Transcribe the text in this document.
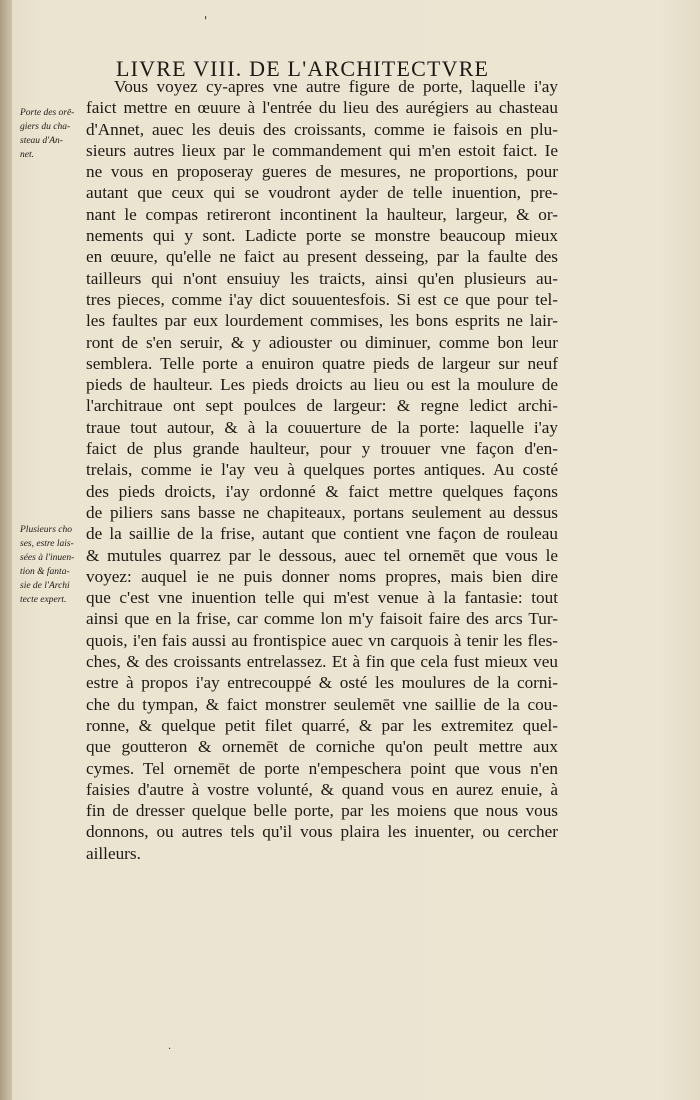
'
LIVRE VIII. DE L'ARCHITECTVRE
Porte des orē-
giers du cha-
steau d'An-
net.
Plusieurs cho
ses, estre lais-
sées à l'inuen-
tion & fanta-
sie de l'Archi
tecte expert.
Vous voyez cy-apres vne autre figure de porte, laquelle i'ay
faict mettre en œuure à l'entrée du lieu des aurégiers au chasteau
d'Annet, auec les deuis des croissants, comme ie faisois en plu-
sieurs autres lieux par le commandement qui m'en estoit faict. Ie
ne vous en proposeray gueres de mesures, ne proportions, pour
autant que ceux qui se voudront ayder de telle inuention, pre-
nant le compas retireront incontinent la haulteur, largeur, & or-
nements qui y sont. Ladicte porte se monstre beaucoup mieux
en œuure, qu'elle ne faict au present desseing, par la faulte des
tailleurs qui n'ont ensuiuy les traicts, ainsi qu'en plusieurs au-
tres pieces, comme i'ay dict souuentesfois. Si est ce que pour tel-
les faultes par eux lourdement commises, les bons esprits ne lair-
ront de s'en seruir, & y adiouster ou diminuer, comme bon leur
semblera. Telle porte a enuiron quatre pieds de largeur sur neuf
pieds de haulteur. Les pieds droicts au lieu ou est la moulure de
l'architraue ont sept poulces de largeur: & regne ledict archi-
traue tout autour, & à la couuerture de la porte: laquelle i'ay
faict de plus grande haulteur, pour y trouuer vne façon d'en-
trelais, comme ie l'ay veu à quelques portes antiques. Au costé
des pieds droicts, i'ay ordonné & faict mettre quelques façons
de piliers sans basse ne chapiteaux, portans seulement au dessus
de la saillie de la frise, autant que contient vne façon de rouleau
& mutules quarrez par le dessous, auec tel ornemēt que vous le
voyez: auquel ie ne puis donner noms propres, mais bien dire
que c'est vne inuention telle qui m'est venue à la fantasie: tout
ainsi que en la frise, car comme lon m'y faisoit faire des arcs Tur-
quois, i'en fais aussi au frontispice auec vn carquois à tenir les fles-
ches, & des croissants entrelassez. Et à fin que cela fust mieux veu
estre à propos i'ay entrecouppé & osté les moulures de la corni-
che du tympan, & faict monstrer seulemēt vne saillie de la cou-
ronne, & quelque petit filet quarré, & par les extremitez quel-
que goutteron & ornemēt de corniche qu'on peult mettre aux
cymes. Tel ornemēt de porte n'empeschera point que vous n'en
faisies d'autre à vostre volunté, & quand vous en aurez enuie, à
fin de dresser quelque belle porte, par les moiens que nous vous
donnons, ou autres tels qu'il vous plaira les inuenter, ou cercher
ailleurs.
·
